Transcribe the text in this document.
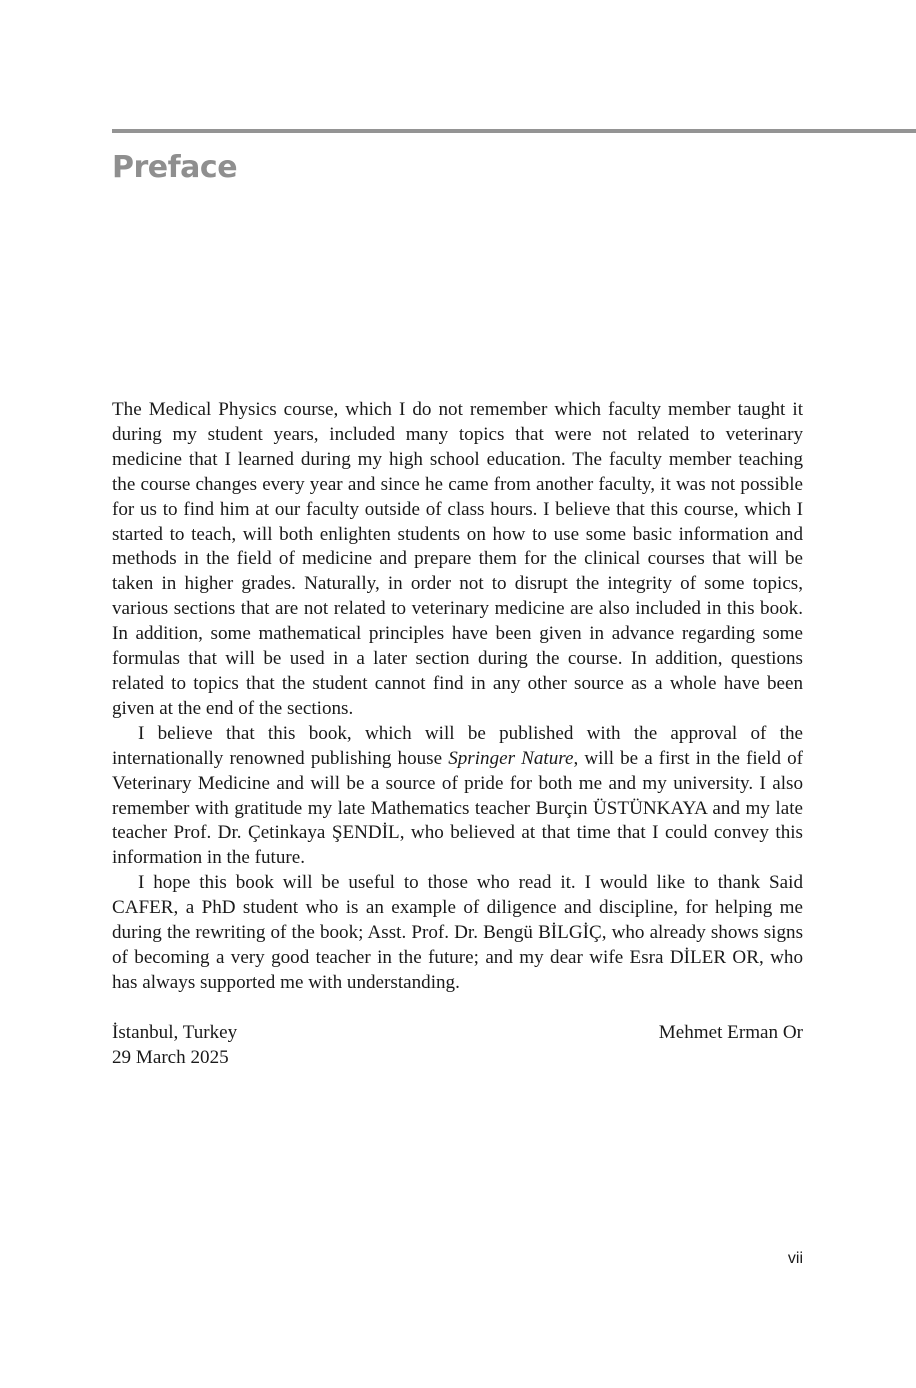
Preface

The Medical Physics course, which I do not remember which faculty member taught it during my student years, included many topics that were not related to veterinary medicine that I learned during my high school education. The faculty member teaching the course changes every year and since he came from another faculty, it was not possible for us to find him at our faculty outside of class hours. I believe that this course, which I started to teach, will both enlighten students on how to use some basic information and methods in the field of medicine and prepare them for the clinical courses that will be taken in higher grades. Naturally, in order not to disrupt the integrity of some topics, various sections that are not related to veterinary medicine are also included in this book. In addition, some mathematical principles have been given in advance regarding some formulas that will be used in a later section during the course. In addition, questions related to topics that the student cannot find in any other source as a whole have been given at the end of the sections.

I believe that this book, which will be published with the approval of the internationally renowned publishing house Springer Nature, will be a first in the field of Veterinary Medicine and will be a source of pride for both me and my university. I also remember with gratitude my late Mathematics teacher Burçin ÜSTÜNKAYA and my late teacher Prof. Dr. Çetinkaya ŞENDİL, who believed at that time that I could convey this information in the future.

I hope this book will be useful to those who read it. I would like to thank Said CAFER, a PhD student who is an example of diligence and discipline, for helping me during the rewriting of the book; Asst. Prof. Dr. Bengü BİLGİÇ, who already shows signs of becoming a very good teacher in the future; and my dear wife Esra DİLER OR, who has always supported me with understanding.

İstanbul, Turkey	Mehmet Erman Or
29 March 2025
vii
